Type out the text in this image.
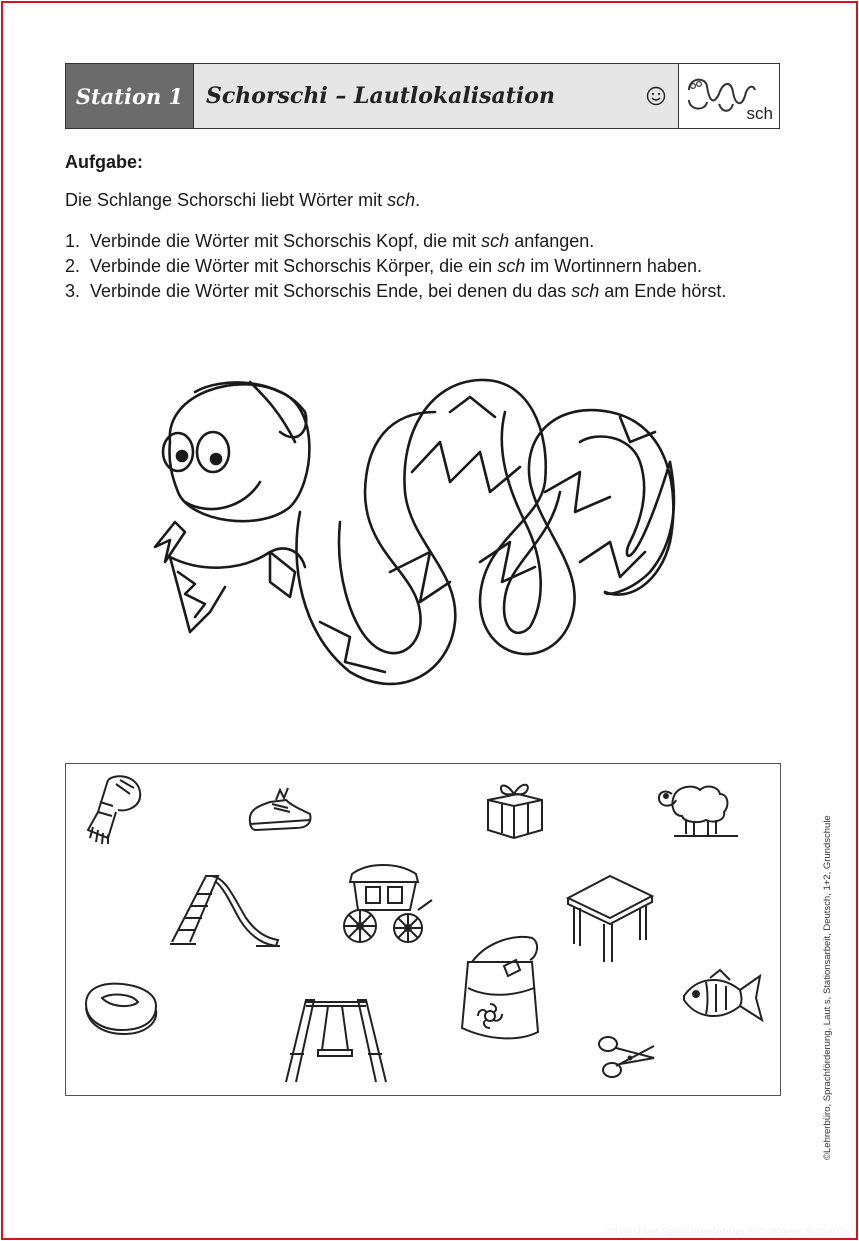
Station 1	Schorschi – Lautlokalisation
sch
Aufgabe:
Die Schlange Schorschi liebt Wörter mit sch.
1. Verbinde die Wörter mit Schorschis Kopf, die mit sch anfangen.
2. Verbinde die Wörter mit Schorschis Körper, die ein sch im Wortinnern haben.
3. Verbinde die Wörter mit Schorschis Ende, bei denen du das sch am Ende hörst.
©Lehrerbüro, Sprachförderung, Laut s, Stationsarbeit, Deutsch, 1+2, Grundschule
Arbeitsblatt Sprachförderung Sch Wörter Schlange
